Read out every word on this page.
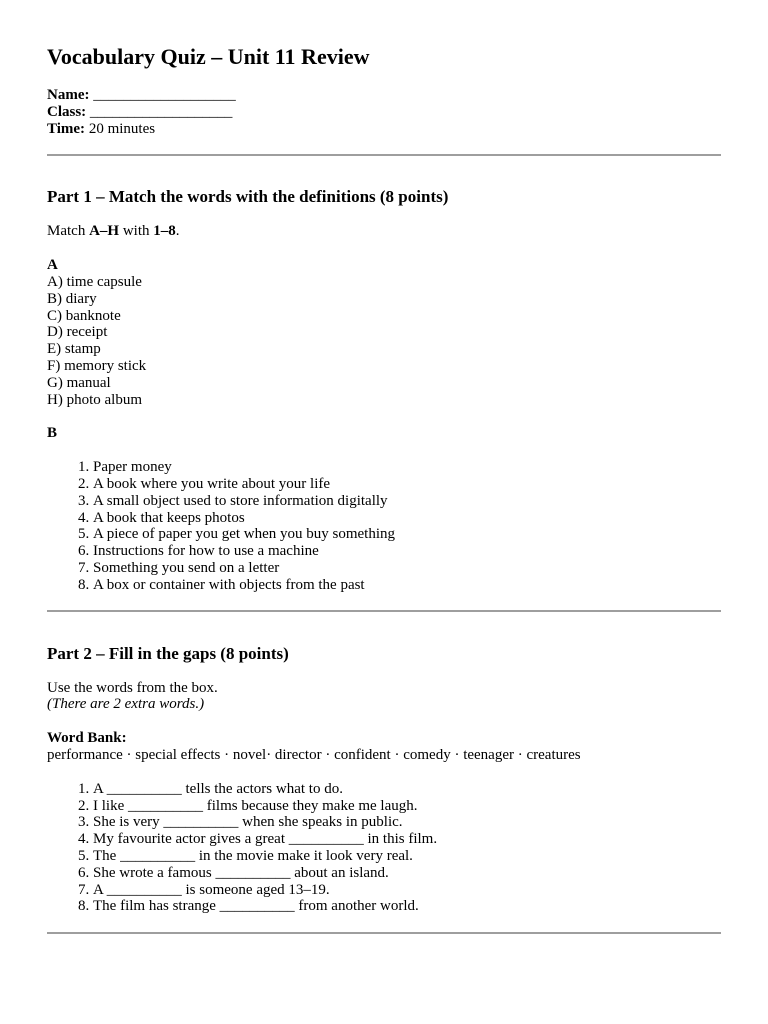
Vocabulary Quiz – Unit 11 Review
Name: ___________________
Class: ___________________
Time: 20 minutes
Part 1 – Match the words with the definitions (8 points)
Match A–H with 1–8.
A
A) time capsule
B) diary
C) banknote
D) receipt
E) stamp
F) memory stick
G) manual
H) photo album
B
1. Paper money
2. A book where you write about your life
3. A small object used to store information digitally
4. A book that keeps photos
5. A piece of paper you get when you buy something
6. Instructions for how to use a machine
7. Something you send on a letter
8. A box or container with objects from the past
Part 2 – Fill in the gaps (8 points)
Use the words from the box.
(There are 2 extra words.)
Word Bank:
performance · special effects · novel· director · confident · comedy · teenager · creatures
1. A __________ tells the actors what to do.
2. I like __________ films because they make me laugh.
3. She is very __________ when she speaks in public.
4. My favourite actor gives a great __________ in this film.
5. The __________ in the movie make it look very real.
6. She wrote a famous __________ about an island.
7. A __________ is someone aged 13–19.
8. The film has strange __________ from another world.
